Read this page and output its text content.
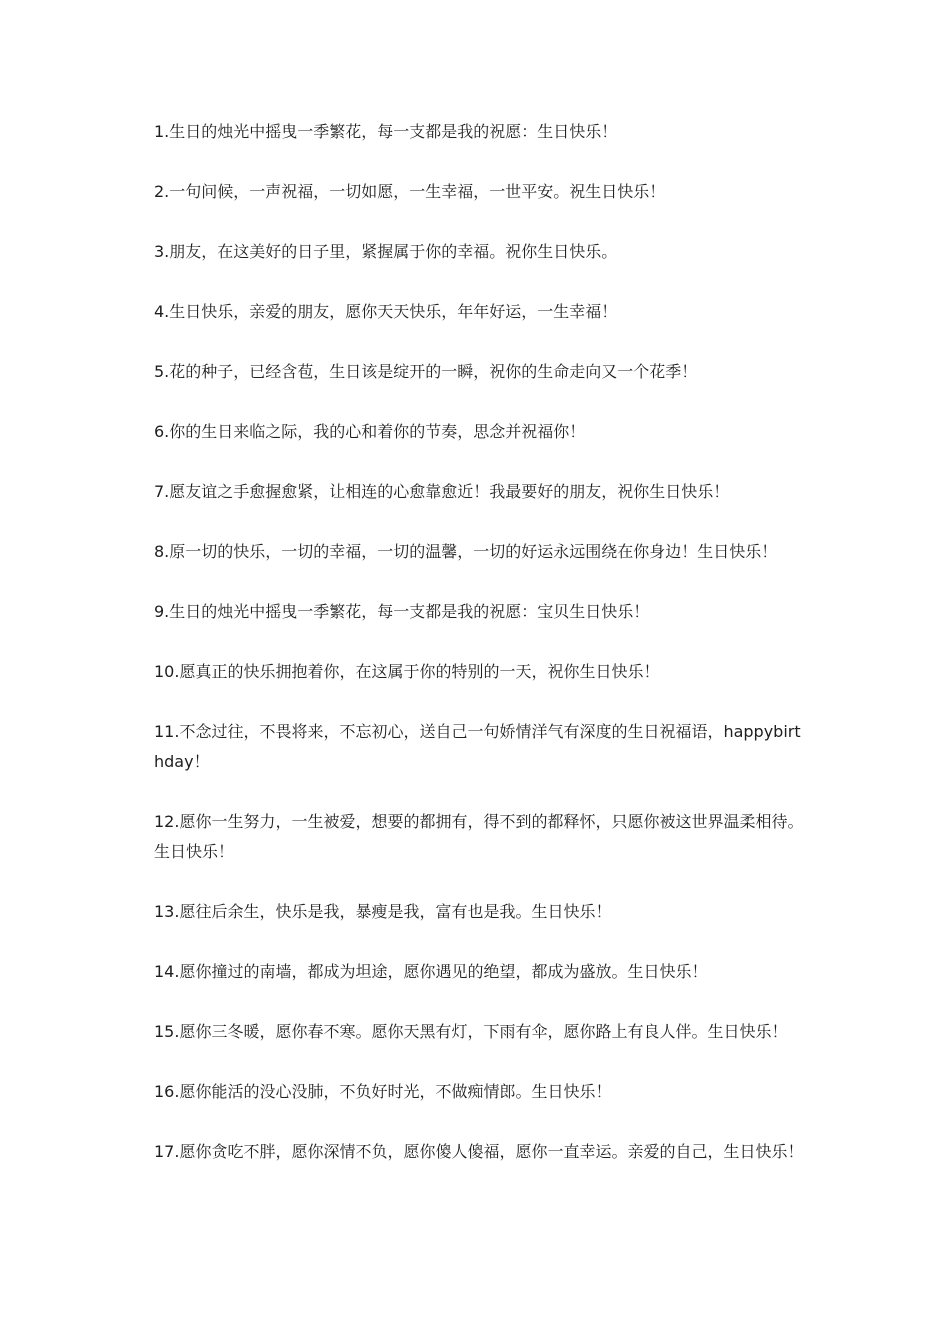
1.生日的烛光中摇曳一季繁花，每一支都是我的祝愿：生日快乐！

2.一句问候，一声祝福，一切如愿，一生幸福，一世平安。祝生日快乐！

3.朋友，在这美好的日子里，紧握属于你的幸福。祝你生日快乐。

4.生日快乐，亲爱的朋友，愿你天天快乐，年年好运，一生幸福！

5.花的种子，已经含苞，生日该是绽开的一瞬，祝你的生命走向又一个花季！

6.你的生日来临之际，我的心和着你的节奏，思念并祝福你！

7.愿友谊之手愈握愈紧，让相连的心愈靠愈近！我最要好的朋友，祝你生日快乐！

8.原一切的快乐，一切的幸福，一切的温馨，一切的好运永远围绕在你身边！生日快乐！

9.生日的烛光中摇曳一季繁花，每一支都是我的祝愿：宝贝生日快乐！

10.愿真正的快乐拥抱着你，在这属于你的特别的一天，祝你生日快乐！

11.不念过往，不畏将来，不忘初心，送自己一句娇情洋气有深度的生日祝福语，happybirthday！

12.愿你一生努力，一生被爱，想要的都拥有，得不到的都释怀，只愿你被这世界温柔相待。生日快乐！

13.愿往后余生，快乐是我，暴瘦是我，富有也是我。生日快乐！

14.愿你撞过的南墙，都成为坦途，愿你遇见的绝望，都成为盛放。生日快乐！

15.愿你三冬暖，愿你春不寒。愿你天黑有灯，下雨有伞，愿你路上有良人伴。生日快乐！

16.愿你能活的没心没肺，不负好时光，不做痴情郎。生日快乐！

17.愿你贪吃不胖，愿你深情不负，愿你傻人傻福，愿你一直幸运。亲爱的自己，生日快乐！
